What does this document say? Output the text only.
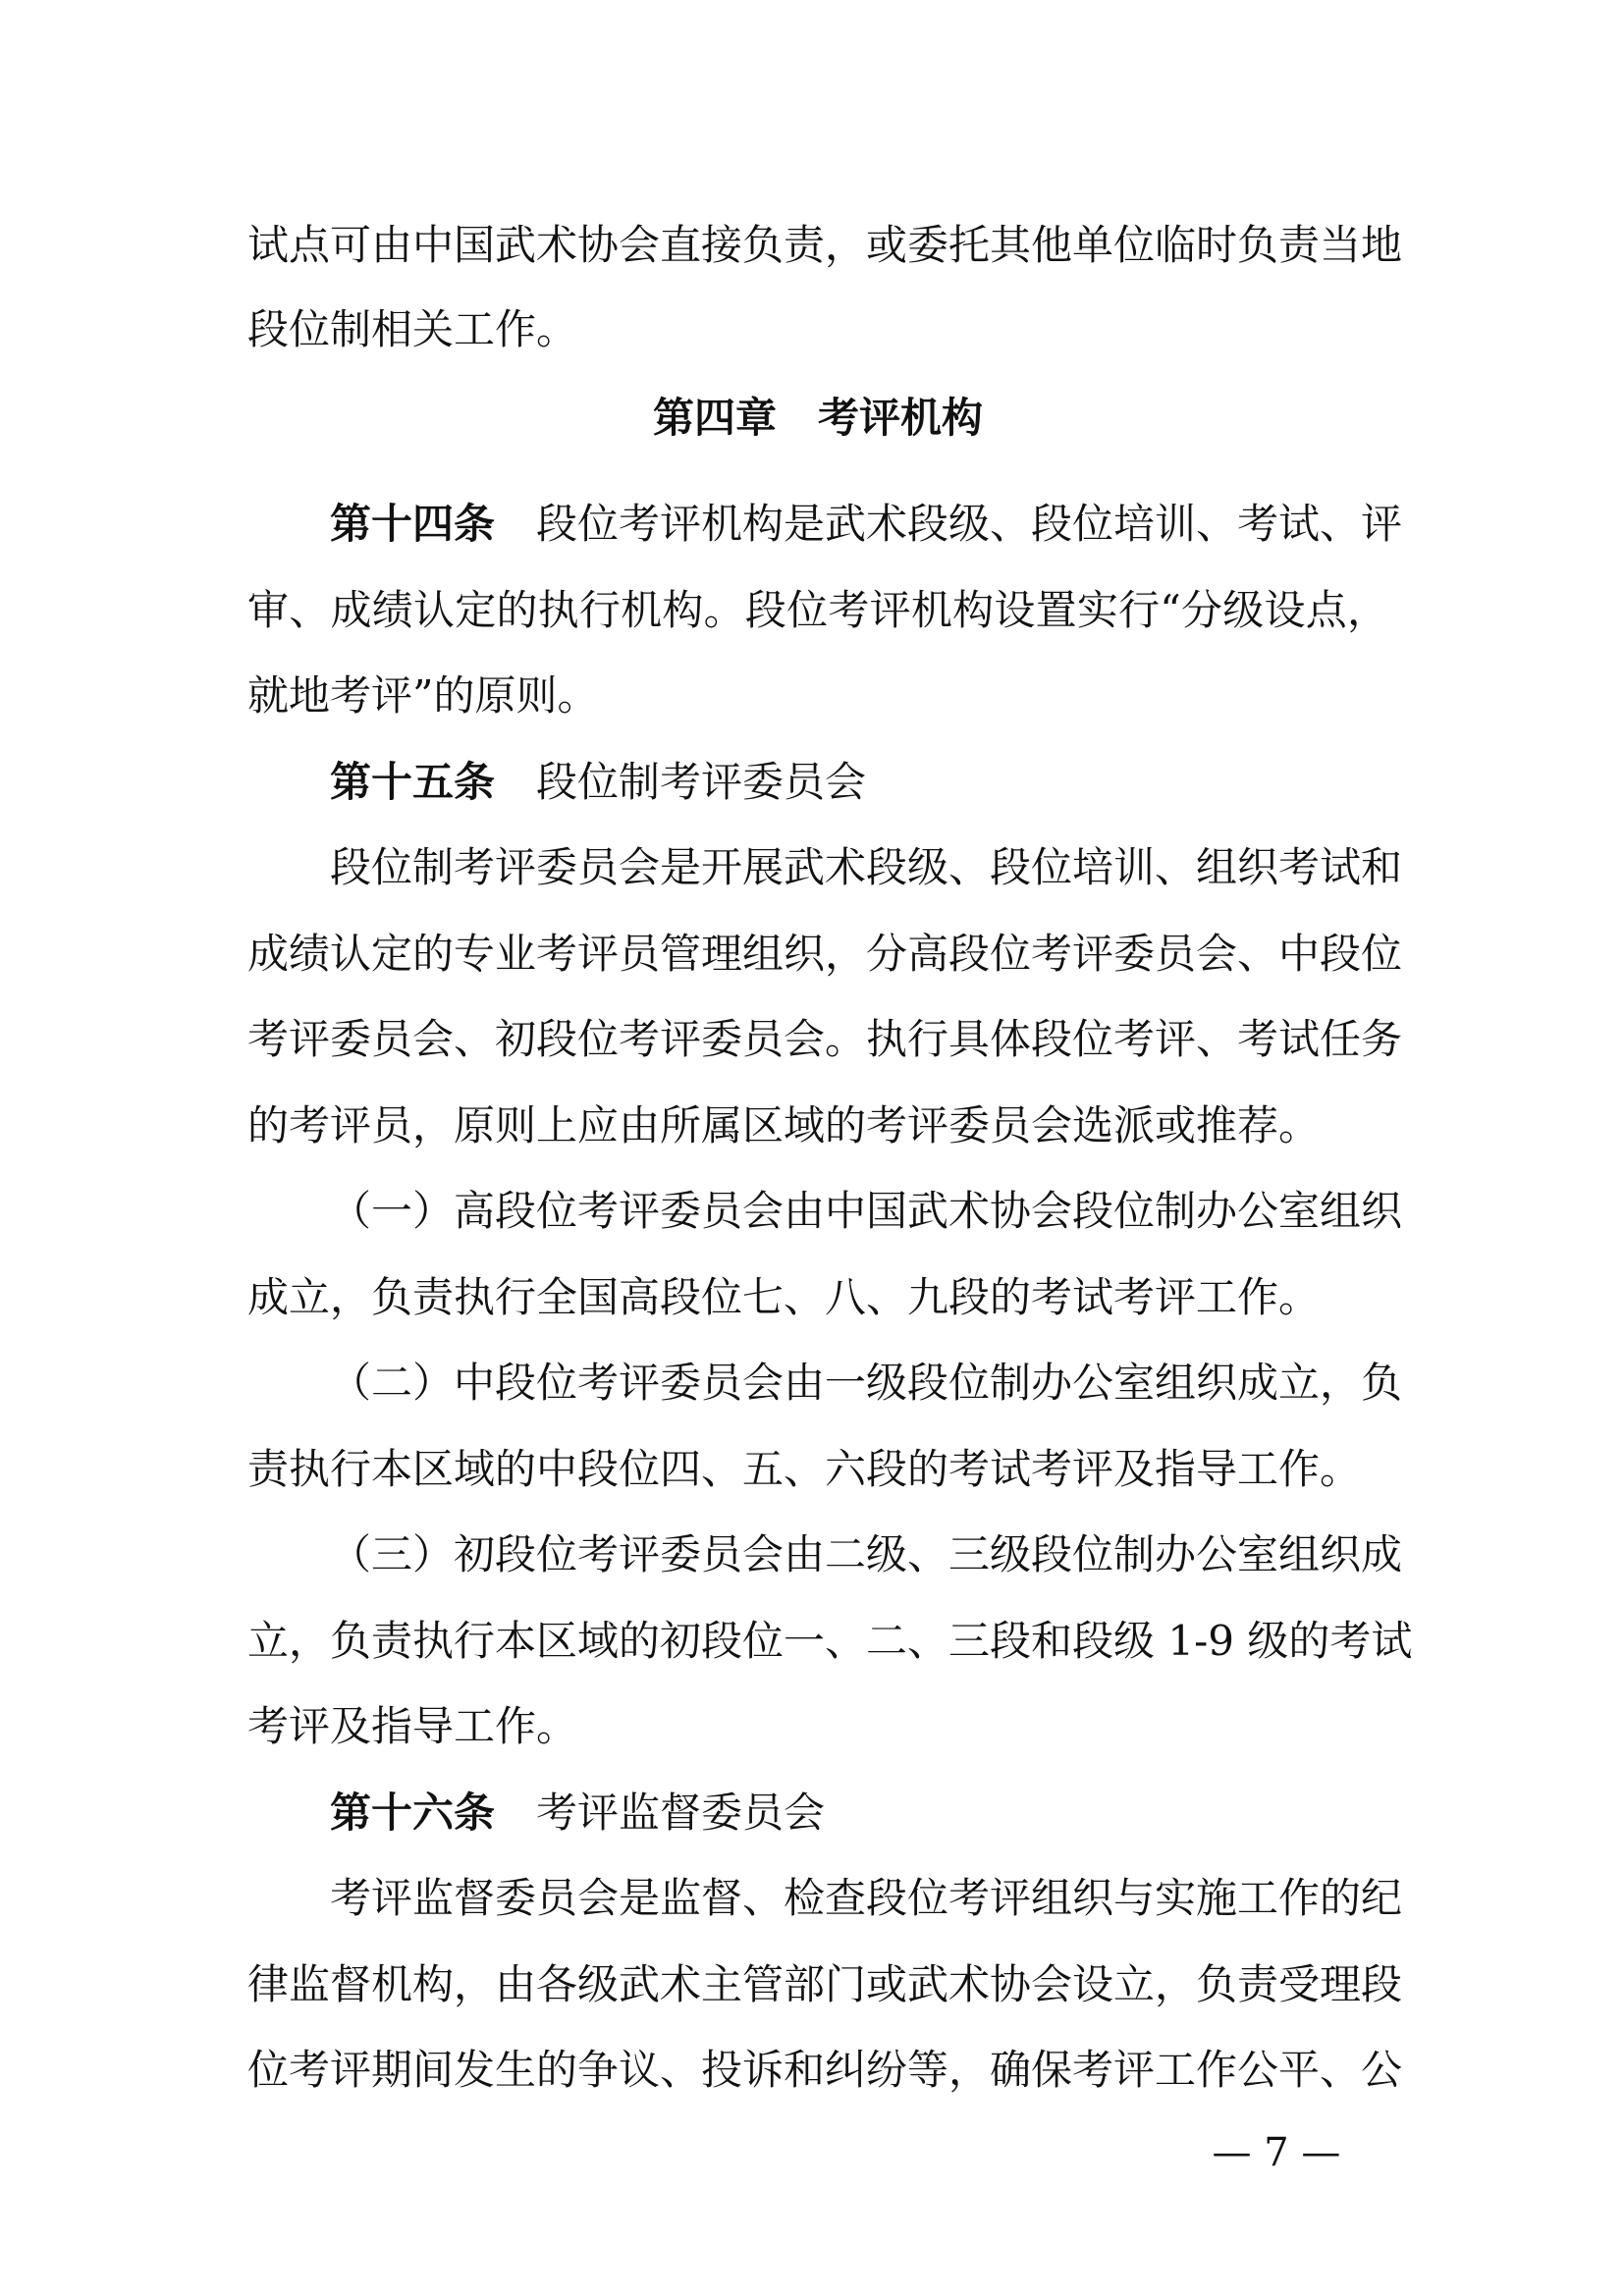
试点可由中国武术协会直接负责，或委托其他单位临时负责当地
段位制相关工作。
第四章　考评机构
第十四条 段位考评机构是武术段级、段位培训、考试、评
审、成绩认定的执行机构。段位考评机构设置实行“分级设点，
就地考评”的原则。
第十五条 段位制考评委员会
段位制考评委员会是开展武术段级、段位培训、组织考试和
成绩认定的专业考评员管理组织，分高段位考评委员会、中段位
考评委员会、初段位考评委员会。执行具体段位考评、考试任务
的考评员，原则上应由所属区域的考评委员会选派或推荐。
（一）高段位考评委员会由中国武术协会段位制办公室组织
成立，负责执行全国高段位七、八、九段的考试考评工作。
（二）中段位考评委员会由一级段位制办公室组织成立，负
责执行本区域的中段位四、五、六段的考试考评及指导工作。
（三）初段位考评委员会由二级、三级段位制办公室组织成
立，负责执行本区域的初段位一、二、三段和段级 1-9 级的考试
考评及指导工作。
第十六条 考评监督委员会
考评监督委员会是监督、检查段位考评组织与实施工作的纪
律监督机构，由各级武术主管部门或武术协会设立，负责受理段
位考评期间发生的争议、投诉和纠纷等，确保考评工作公平、公
— 7 —
